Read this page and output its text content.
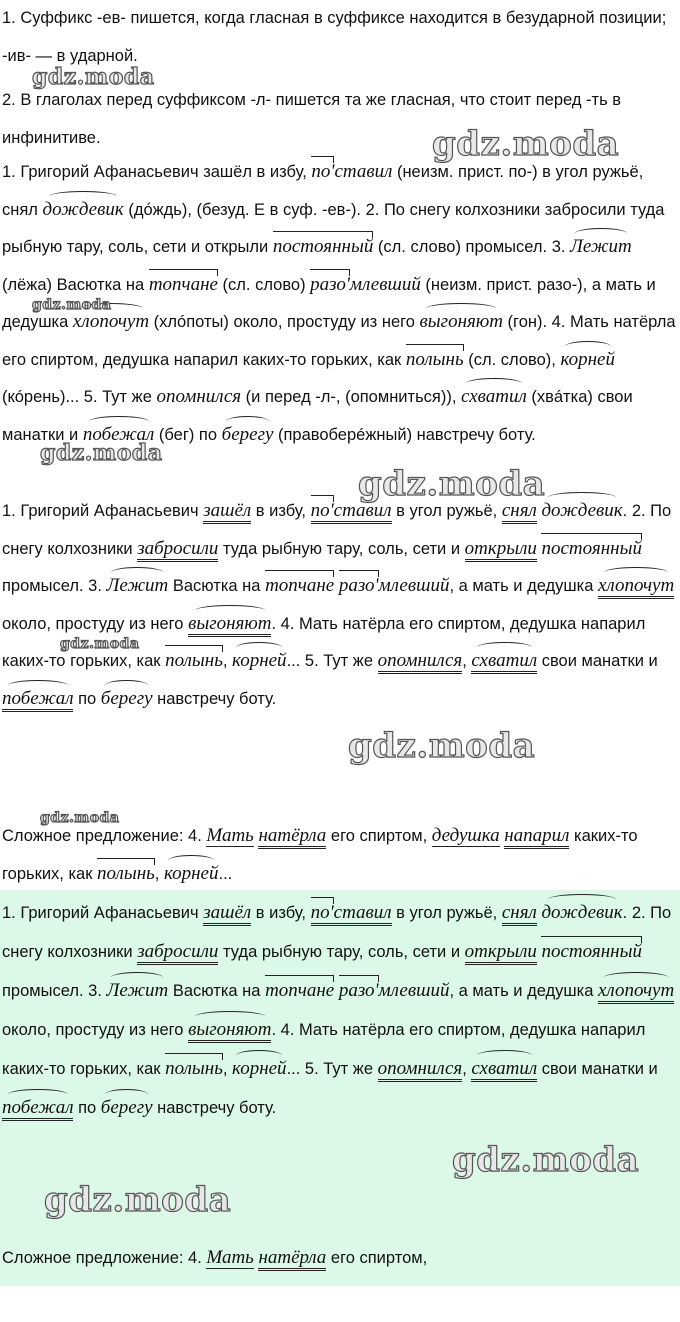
1. Суффикс -ев- пишется, когда гласная в суффиксе находится в безударной позиции; -ив- — в ударной.

2. В глаголах перед суффиксом -л- пишется та же гласная, что стоит перед -ть в инфинитиве.

1. Григорий Афанасьевич зашёл в избу, по'ставил (неизм. прист. по-) в угол ружьё, снял дождевик (до́ждь), (безуд. Е в суф. -ев-). 2. По снегу колхозники забросили туда рыбную тару, соль, сети и открыли постоянный (сл. слово) промысел. 3. Лежит (лёжа) Васютка на топчане (сл. слово) разо'млевший (неизм. прист. разо-), а мать и дедушка хлопочут (хлóпоты) около, простуду из него выгоняют (гон). 4. Мать натёрла его спиртом, дедушка напарил каких-то горьких, как полынь (сл. слово), корней (кóрень)... 5. Тут же опомнился (и перед -л-, (опомниться)), схватил (хвáтка) свои манатки и побежал (бег) по берегу (правоберéжный) навстречу боту.

1. Григорий Афанасьевич зашёл в избу, по'ставил в угол ружьё, снял дождевик. 2. По снегу колхозники забросили туда рыбную тару, соль, сети и открыли постоянный промысел. 3. Лежит Васютка на топчане разо'млевший, а мать и дедушка хлопочут около, простуду из него выгоняют. 4. Мать натёрла его спиртом, дедушка напарил каких-то горьких, как полынь, корней... 5. Тут же опомнился, схватил свои манатки и побежал по берегу навстречу боту.

Сложное предложение: 4. Мать натёрла его спиртом, дедушка напарил каких-то горьких, как полынь, корней...

1. Григорий Афанасьевич зашёл в избу, по'ставил в угол ружьё, снял дождевик. 2. По снегу колхозники забросили туда рыбную тару, соль, сети и открыли постоянный промысел. 3. Лежит Васютка на топчане разо'млевший, а мать и дедушка хлопочут около, простуду из него выгоняют. 4. Мать натёрла его спиртом, дедушка напарил каких-то горьких, как полынь, корней... 5. Тут же опомнился, схватил свои манатки и побежал по берегу навстречу боту.

Сложное предложение: 4. Мать натёрла его спиртом,

gdz.moda
gdz.moda
gdz.moda
gdz.moda
gdz.moda
gdz.moda
gdz.moda
gdz.moda
gdz.moda
gdz.moda
